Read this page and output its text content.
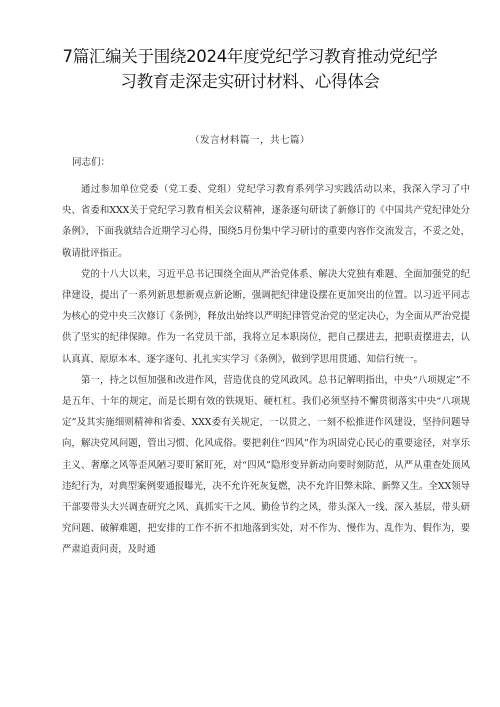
7篇汇编关于围绕2024年度党纪学习教育推动党纪学
习教育走深走实研讨材料、心得体会
（发言材料篇一，共七篇）
同志们：

通过参加单位党委（党工委、党组）党纪学习教育系列学习实践活动以来，我深入学习了中央、省委和XXX关于党纪学习教育相关会议精神，逐条逐句研读了新修订的《中国共产党纪律处分条例》，下面我就结合近期学习心得，围绕5月份集中学习研讨的重要内容作交流发言，不妥之处，敬请批评指正。

党的十八大以来，习近平总书记围绕全面从严治党体系、解决大党独有难题、全面加强党的纪律建设，提出了一系列新思想新观点新论断，强调把纪律建设摆在更加突出的位置。以习近平同志为核心的党中央三次修订《条例》，释放出始终以严明纪律管党治党的坚定决心，为全面从严治党提供了坚实的纪律保障。作为一名党员干部，我将立足本职岗位，把自己摆进去，把职责摆进去，认认真真、原原本本、逐字逐句、扎扎实实学习《条例》，做到学思用贯通、知信行统一。

第一，持之以恒加强和改进作风，营造优良的党风政风。总书记解明指出，中央“八项规定”不是五年、十年的规定，而是长期有效的铁规矩、硬杠杠。我们必须坚持不懈贯彻落实中央“八项规定”及其实施细则精神和省委、XXX委有关规定，一以贯之、一刻不松推进作风建设，坚持问题导向，解决党风问题，管出习惯、化风成俗。要把剎住“四风”作为巩固党心民心的重要途径，对享乐主义、奢靡之风等歪风陋习要盯紧盯死，对“四风”隐形变异新动向要时刻防范，从严从重查处顶风违纪行为，对典型案例要通报曝光，决不允许死灰复燃，决不允许旧弊未除、新弊又生。全XX领导干部要带头大兴调查研究之风、真抓实干之风、勤俭节约之风，带头深入一线、深入基层，带头研究问题、破解难题，把安排的工作不折不扣地落到实处，对不作为、慢作为、乱作为、假作为，要严肃追责问责，及时通
